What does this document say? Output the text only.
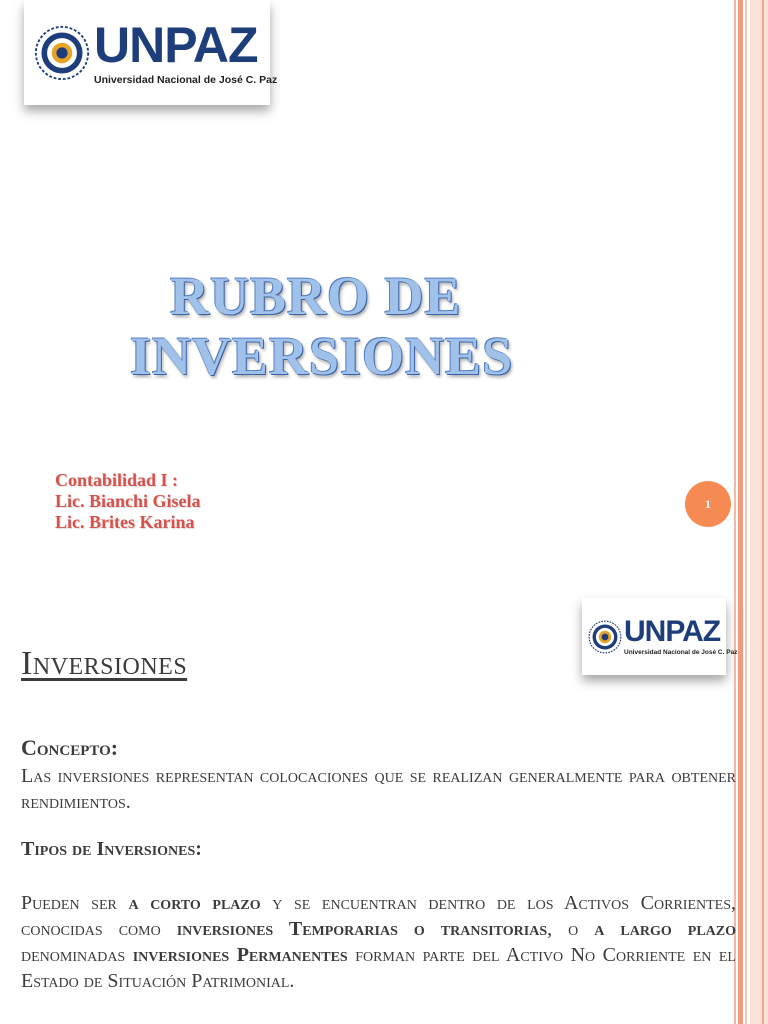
UNPAZ
Universidad Nacional de José C. Paz
RUBRO DE
INVERSIONES
Contabilidad I :
Lic. Bianchi Gisela
Lic. Brites Karina
1
UNPAZ
Universidad Nacional de José C. Paz
Inversiones
Concepto:
Las inversiones representan colocaciones que se realizan generalmente para obtener rendimientos.
Tipos de Inversiones:
Pueden ser a corto plazo y se encuentran dentro de los Activos Corrientes, conocidas como inversiones Temporarias o transitorias, o a largo plazo denominadas inversiones Permanentes forman parte del Activo No Corriente en el Estado de Situación Patrimonial.
